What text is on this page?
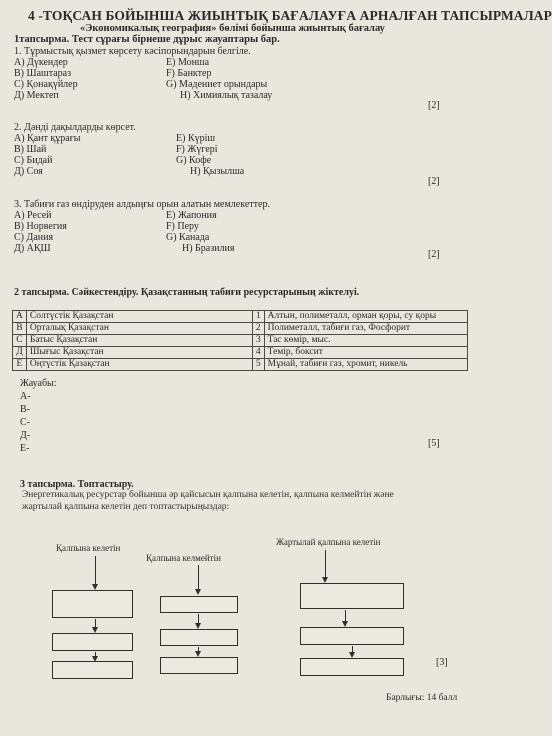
4 -ТОҚСАН БОЙЫНША ЖИЫНТЫҚ БАҒАЛАУҒА АРНАЛҒАН ТАПСЫРМАЛАР
«Экономикалық география» бөлімі бойынша жиынтық бағалау
1тапсырма. Тест сұрағы бірнеше дұрыс жауаптары бар.
1. Тұрмыстық қызмет көрсету кәсіпорындарын белгіле.
А) Дүкендер
В) Шаштараз
С) Қонақүйлер
Д) Мектеп
Е) Монша
F) Банктер
G) Мәдениет орындары
H) Химиялық тазалау
[2]
2. Дәнді дақылдарды көрсет.
А) Қант құрағы
В) Шай
С) Бидай
Д) Соя
Е) Күріш
F) Жүгері
G) Кофе
H) Қызылша
[2]
3. Табиғи газ өндіруден алдыңғы орын алатын мемлекеттер.
А) Ресей
В) Норвегия
С) Дания
Д) АҚШ
Е) Жапония
F) Перу
G) Канада
H) Бразилия
[2]
2 тапсырма. Сәйкестендіру. Қазақстанның табиғи ресурстарының жіктелуі.
А	Солтүстік Қазақстан	1	Алтын, полиметалл, орман қоры, су қоры
В	Орталық Қазақстан	2	Полиметалл, табиғи газ, Фосфорит
С	Батыс Қазақстан	3	Тас көмір, мыс.
Д	Шығыс Қазақстан	4	Темір, боксит
Е	Оңтүстік Қазақстан	5	Мұнай, табиғи газ, хромит, никель
Жауабы:
А-
В-
С-
Д-
Е-	[5]
3 тапсырма. Топтастыру.
Энергетикалық ресурстар бойынша әр қайсысын қалпына келетін, қалпына келмейтін және
жартылай қалпына келетін деп топтастырыңыздар:
Қалпына келетін
Қалпына келмейтін
Жартылай қалпына келетін
[3]
Барлығы: 14 балл
